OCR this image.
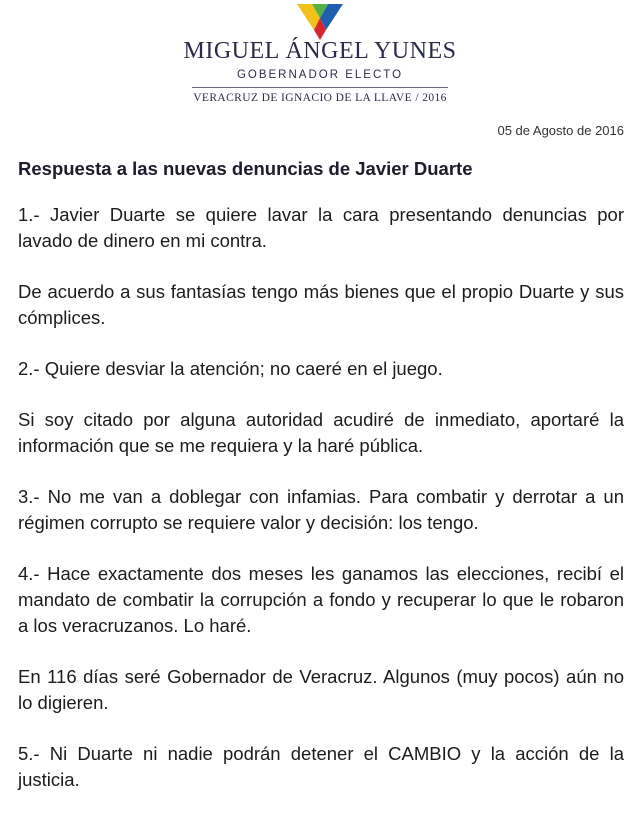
MIGUEL ÁNGEL YUNES
GOBERNADOR ELECTO
VERACRUZ DE IGNACIO DE LA LLAVE / 2016
05 de Agosto de 2016
Respuesta a las nuevas denuncias de Javier Duarte

1.- Javier Duarte se quiere lavar la cara presentando denuncias por lavado de dinero en mi contra.

De acuerdo a sus fantasías tengo más bienes que el propio Duarte y sus cómplices.

2.- Quiere desviar la atención; no caeré en el juego.

Si soy citado por alguna autoridad acudiré de inmediato, aportaré la información que se me requiera y la haré pública.

3.- No me van a doblegar con infamias. Para combatir y derrotar a un régimen corrupto se requiere valor y decisión: los tengo.

4.- Hace exactamente dos meses les ganamos las elecciones, recibí el mandato de combatir la corrupción a fondo y recuperar lo que le robaron a los veracruzanos. Lo haré.

En 116 días seré Gobernador de Veracruz. Algunos (muy pocos) aún no lo digieren.

5.- Ni Duarte ni nadie podrán detener el CAMBIO y la acción de la justicia.
